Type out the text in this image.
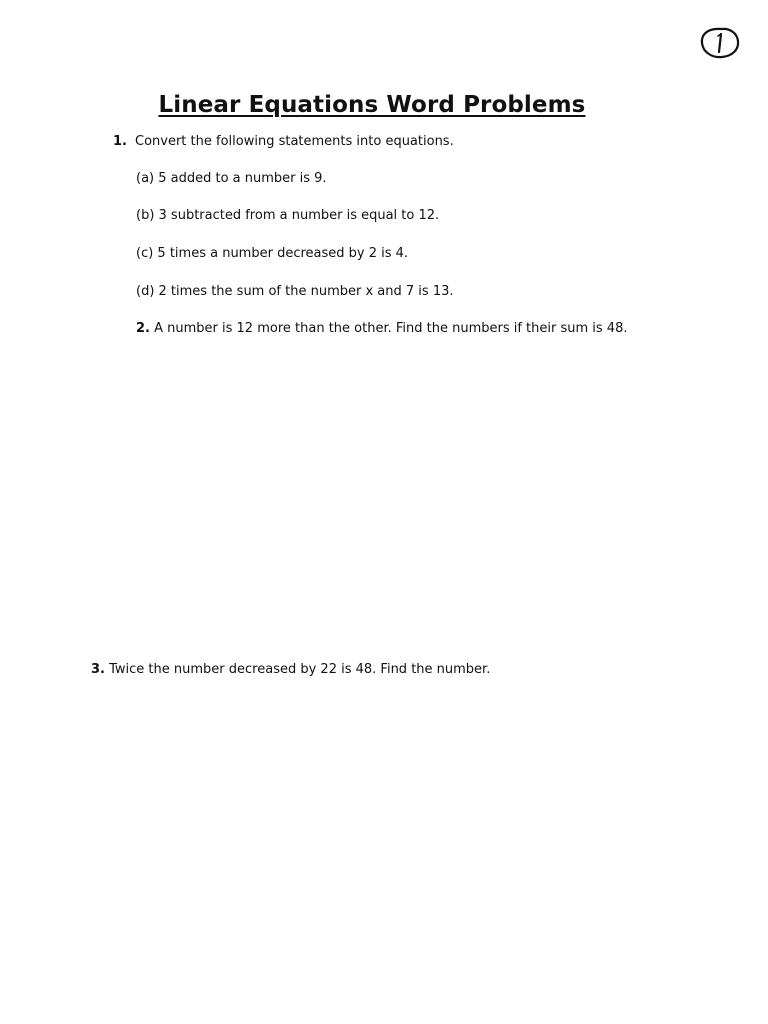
Linear Equations Word Problems
1. Convert the following statements into equations.
(a) 5 added to a number is 9.
(b) 3 subtracted from a number is equal to 12.
(c) 5 times a number decreased by 2 is 4.
(d) 2 times the sum of the number x and 7 is 13.
2. A number is 12 more than the other. Find the numbers if their sum is 48.
3. Twice the number decreased by 22 is 48. Find the number.
